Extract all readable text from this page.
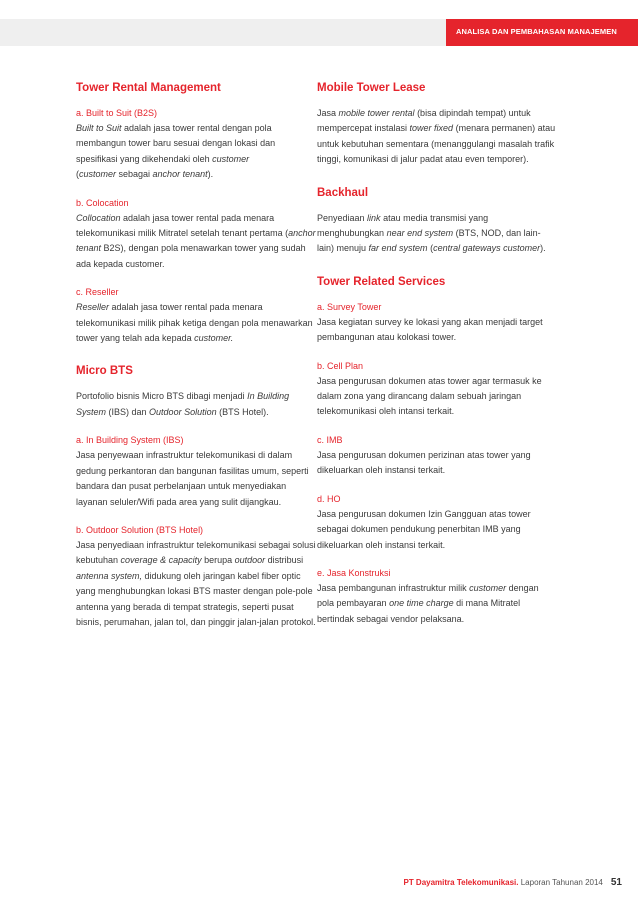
ANALISA DAN PEMBAHASAN MANAJEMEN
Tower Rental Management
a. Built to Suit (B2S)
Built to Suit adalah jasa tower rental dengan pola membangun tower baru sesuai dengan lokasi dan spesifikasi yang dikehendaki oleh customer
(customer sebagai anchor tenant).
b. Colocation
Collocation adalah jasa tower rental pada menara telekomunikasi milik Mitratel setelah tenant pertama (anchor tenant B2S), dengan pola menawarkan tower yang sudah ada kepada customer.
c. Reseller
Reseller adalah jasa tower rental pada menara telekomunikasi milik pihak ketiga dengan pola menawarkan tower yang telah ada kepada customer.
Micro BTS
Portofolio bisnis Micro BTS dibagi menjadi In Building System (IBS) dan Outdoor Solution (BTS Hotel).
a. In Building System (IBS)
Jasa penyewaan infrastruktur telekomunikasi di dalam gedung perkantoran dan bangunan fasilitas umum, seperti bandara dan pusat perbelanjaan untuk menyediakan layanan seluler/Wifi pada area yang sulit dijangkau.
b. Outdoor Solution (BTS Hotel)
Jasa penyediaan infrastruktur telekomunikasi sebagai solusi kebutuhan coverage & capacity berupa outdoor distribusi antenna system, didukung oleh jaringan kabel fiber optic yang menghubungkan lokasi BTS master dengan pole-pole antenna yang berada di tempat strategis, seperti pusat bisnis, perumahan, jalan tol, dan pinggir jalan-jalan protokol.
Mobile Tower Lease
Jasa mobile tower rental (bisa dipindah tempat) untuk mempercepat instalasi tower fixed (menara permanen) atau untuk kebutuhan sementara (menanggulangi masalah trafik tinggi, komunikasi di jalur padat atau even temporer).
Backhaul
Penyediaan link atau media transmisi yang menghubungkan near end system (BTS, NOD, dan lain-lain) menuju far end system (central gateways customer).
Tower Related Services
a. Survey Tower
Jasa kegiatan survey ke lokasi yang akan menjadi target pembangunan atau kolokasi tower.
b. Cell Plan
Jasa pengurusan dokumen atas tower agar termasuk ke dalam zona yang dirancang dalam sebuah jaringan telekomunikasi oleh intansi terkait.
c. IMB
Jasa pengurusan dokumen perizinan atas tower yang dikeluarkan oleh instansi terkait.
d. HO
Jasa pengurusan dokumen Izin Gangguan atas tower sebagai dokumen pendukung penerbitan IMB yang dikeluarkan oleh instansi terkait.
e. Jasa Konstruksi
Jasa pembangunan infrastruktur milik customer dengan pola pembayaran one time charge di mana Mitratel bertindak sebagai vendor pelaksana.
PT Dayamitra Telekomunikasi. Laporan Tahunan 2014 51
